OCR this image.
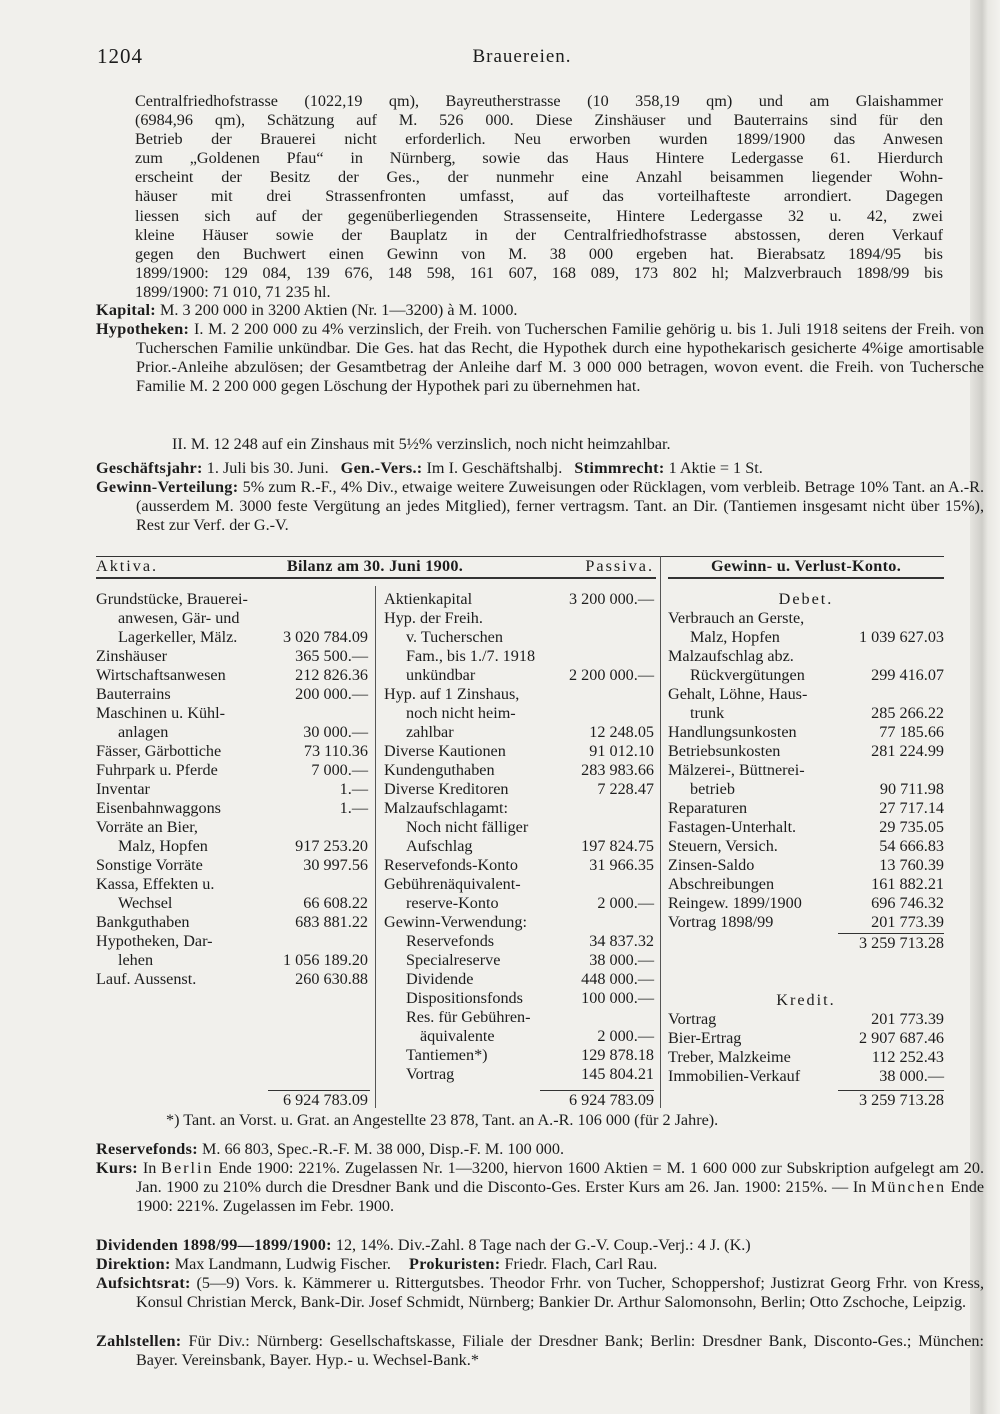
1204	Brauereien.
Centralfriedhofstrasse (1022,19 qm), Bayreutherstrasse (10 358,19 qm) und am Glaishammer
(6984,96 qm), Schätzung auf M. 526 000. Diese Zinshäuser und Bauterrains sind für den
Betrieb der Brauerei nicht erforderlich. Neu erworben wurden 1899/1900 das Anwesen
zum „Goldenen Pfau“ in Nürnberg, sowie das Haus Hintere Ledergasse 61. Hierdurch
erscheint der Besitz der Ges., der nunmehr eine Anzahl beisammen liegender Wohn-
häuser mit drei Strassenfronten umfasst, auf das vorteilhafteste arrondiert. Dagegen
liessen sich auf der gegenüberliegenden Strassenseite, Hintere Ledergasse 32 u. 42, zwei
kleine Häuser sowie der Bauplatz in der Centralfriedhofstrasse abstossen, deren Verkauf
gegen den Buchwert einen Gewinn von M. 38 000 ergeben hat. Bierabsatz 1894/95 bis
1899/1900: 129 084, 139 676, 148 598, 161 607, 168 089, 173 802 hl; Malzverbrauch 1898/99 bis
1899/1900: 71 010, 71 235 hl.
Kapital: M. 3 200 000 in 3200 Aktien (Nr. 1—3200) à M. 1000.
Hypotheken: I. M. 2 200 000 zu 4% verzinslich, der Freih. von Tucherschen Familie gehörig u. bis 1. Juli 1918 seitens der Freih. von Tucherschen Familie unkündbar. Die Ges. hat das Recht, die Hypothek durch eine hypothekarisch gesicherte 4%ige amortisable Prior.-Anleihe abzulösen; der Gesamtbetrag der Anleihe darf M. 3 000 000 betragen, wovon event. die Freih. von Tuchersche Familie M. 2 200 000 gegen Löschung der Hypothek pari zu übernehmen hat.
II. M. 12 248 auf ein Zinshaus mit 5½% verzinslich, noch nicht heimzahlbar.
Geschäftsjahr: 1. Juli bis 30. Juni. Gen.-Vers.: Im I. Geschäftshalbj. Stimmrecht: 1 Aktie = 1 St.
Gewinn-Verteilung: 5% zum R.-F., 4% Div., etwaige weitere Zuweisungen oder Rücklagen, vom verbleib. Betrage 10% Tant. an A.-R. (ausserdem M. 3000 feste Vergütung an jedes Mitglied), ferner vertragsm. Tant. an Dir. (Tantiemen insgesamt nicht über 15%), Rest zur Verf. der G.-V.
Aktiva.	Bilanz am 30. Juni 1900.	Passiva.	Gewinn- u. Verlust-Konto.
Grundstücke, Brauerei-
anwesen, Gär- und
Lagerkeller, Mälz.	3 020 784.09
Zinshäuser	365 500.—
Wirtschaftsanwesen	212 826.36
Bauterrains	200 000.—
Maschinen u. Kühl-
anlagen	30 000.—
Fässer, Gärbottiche	73 110.36
Fuhrpark u. Pferde	7 000.—
Inventar	1.—
Eisenbahnwaggons	1.—
Vorräte an Bier,
Malz, Hopfen	917 253.20
Sonstige Vorräte	30 997.56
Kassa, Effekten u.
Wechsel	66 608.22
Bankguthaben	683 881.22
Hypotheken, Dar-
lehen	1 056 189.20
Lauf. Aussenst.	260 630.88
6 924 783.09
Aktienkapital	3 200 000.—
Hyp. der Freih.
v. Tucherschen
Fam., bis 1./7. 1918
unkündbar	2 200 000.—
Hyp. auf 1 Zinshaus,
noch nicht heim-
zahlbar	12 248.05
Diverse Kautionen	91 012.10
Kundenguthaben	283 983.66
Diverse Kreditoren	7 228.47
Malzaufschlagamt:
Noch nicht fälliger
Aufschlag	197 824.75
Reservefonds-Konto	31 966.35
Gebührenäquivalent-
reserve-Konto	2 000.—
Gewinn-Verwendung:
Reservefonds	34 837.32
Specialreserve	38 000.—
Dividende	448 000.—
Dispositionsfonds	100 000.—
Res. für Gebühren-
äquivalente	2 000.—
Tantiemen*)	129 878.18
Vortrag	145 804.21
6 924 783.09
Debet.
Verbrauch an Gerste,
Malz, Hopfen	1 039 627.03
Malzaufschlag abz.
Rückvergütungen	299 416.07
Gehalt, Löhne, Haus-
trunk	285 266.22
Handlungsunkosten	77 185.66
Betriebsunkosten	281 224.99
Mälzerei-, Büttnerei-
betrieb	90 711.98
Reparaturen	27 717.14
Fastagen-Unterhalt.	29 735.05
Steuern, Versich.	54 666.83
Zinsen-Saldo	13 760.39
Abschreibungen	161 882.21
Reingew. 1899/1900	696 746.32
Vortrag 1898/99	201 773.39
3 259 713.28
Kredit.
Vortrag	201 773.39
Bier-Ertrag	2 907 687.46
Treber, Malzkeime	112 252.43
Immobilien-Verkauf	38 000.—
3 259 713.28
*) Tant. an Vorst. u. Grat. an Angestellte 23 878, Tant. an A.-R. 106 000 (für 2 Jahre).
Reservefonds: M. 66 803, Spec.-R.-F. M. 38 000, Disp.-F. M. 100 000.
Kurs: In Berlin Ende 1900: 221%. Zugelassen Nr. 1—3200, hiervon 1600 Aktien = M. 1 600 000 zur Subskription aufgelegt am 20. Jan. 1900 zu 210% durch die Dresdner Bank und die Disconto-Ges. Erster Kurs am 26. Jan. 1900: 215%. — In München Ende 1900: 221%. Zugelassen im Febr. 1900.
Dividenden 1898/99—1899/1900: 12, 14%. Div.-Zahl. 8 Tage nach der G.-V. Coup.-Verj.: 4 J. (K.)
Direktion: Max Landmann, Ludwig Fischer. Prokuristen: Friedr. Flach, Carl Rau.
Aufsichtsrat: (5—9) Vors. k. Kämmerer u. Rittergutsbes. Theodor Frhr. von Tucher, Schoppershof; Justizrat Georg Frhr. von Kress, Konsul Christian Merck, Bank-Dir. Josef Schmidt, Nürnberg; Bankier Dr. Arthur Salomonsohn, Berlin; Otto Zschoche, Leipzig.
Zahlstellen: Für Div.: Nürnberg: Gesellschaftskasse, Filiale der Dresdner Bank; Berlin: Dresdner Bank, Disconto-Ges.; München: Bayer. Vereinsbank, Bayer. Hyp.- u. Wechsel-Bank.*
